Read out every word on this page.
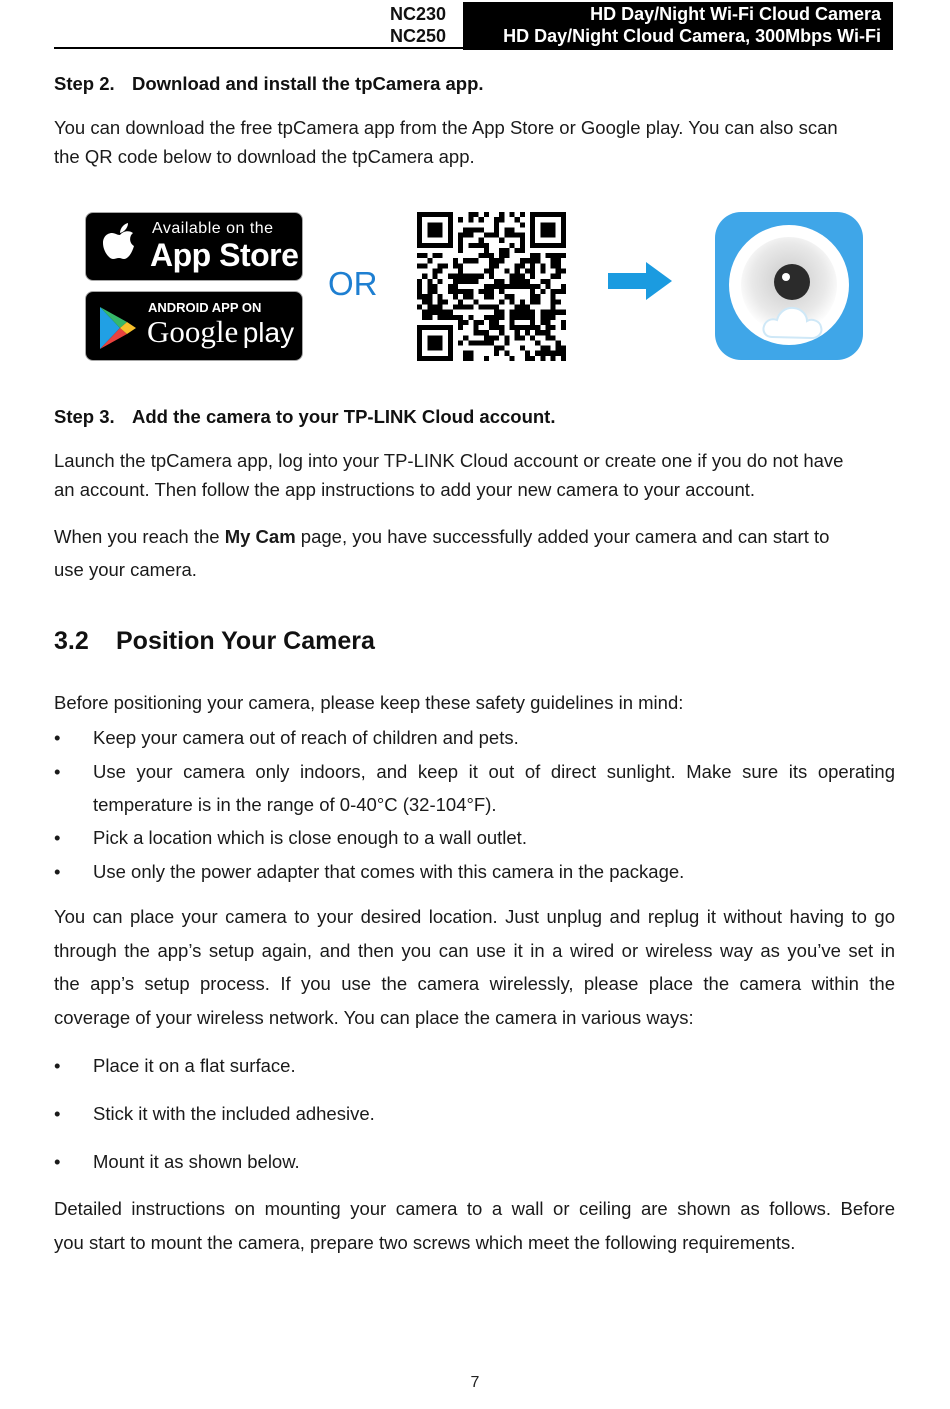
NC230
NC250
HD Day/Night Wi-Fi Cloud Camera
HD Day/Night Cloud Camera, 300Mbps Wi-Fi
Step 2. Download and install the tpCamera app.
You can download the free tpCamera app from the App Store or Google play. You can also scan
the QR code below to download the tpCamera app.
Available on the
App Store
ANDROID APP ON
Google play
OR
Step 3. Add the camera to your TP-LINK Cloud account.
Launch the tpCamera app, log into your TP-LINK Cloud account or create one if you do not have
an account. Then follow the app instructions to add your new camera to your account.
When you reach the My Cam page, you have successfully added your camera and can start to
use your camera.
3.2 Position Your Camera
Before positioning your camera, please keep these safety guidelines in mind:
• Keep your camera out of reach of children and pets.
• Use your camera only indoors, and keep it out of direct sunlight. Make sure its operating
temperature is in the range of 0-40°C (32-104°F).
• Pick a location which is close enough to a wall outlet.
• Use only the power adapter that comes with this camera in the package.
You can place your camera to your desired location. Just unplug and replug it without having to go
through the app’s setup again, and then you can use it in a wired or wireless way as you’ve set in
the app’s setup process. If you use the camera wirelessly, please place the camera within the
coverage of your wireless network. You can place the camera in various ways:
• Place it on a flat surface.
• Stick it with the included adhesive.
• Mount it as shown below.
Detailed instructions on mounting your camera to a wall or ceiling are shown as follows. Before
you start to mount the camera, prepare two screws which meet the following requirements.
7
